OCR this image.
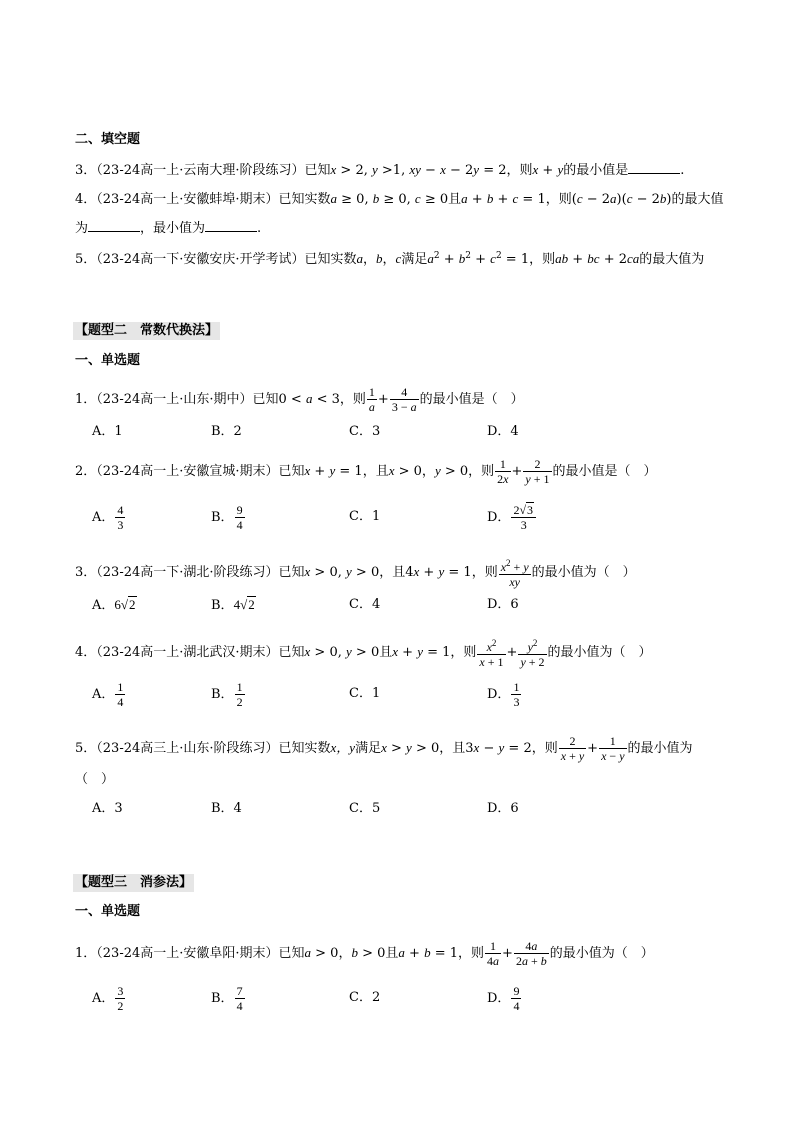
二、填空题
3．（23-24高一上·云南大理·阶段练习）已知x > 2, y >1, xy − x − 2y = 2，则x + y的最小值是	.
4．（23-24高一上·安徽蚌埠·期末）已知实数a ≥ 0, b ≥ 0, c ≥ 0且a + b + c = 1，则(c − 2a)(c − 2b)的最大值
为	，最小值为	.
5．（23-24高一下·安徽安庆·开学考试）已知实数a，b，c满足$a^2 + b^2 + c^2 = 1$，则ab + bc + 2ca的最大值为
【题型二　常数代换法】
一、单选题
1．（23-24高一上·山东·期中）已知0 < a < 3，则 $\frac{1}{a} + \frac{4}{3 - a}$ 的最小值是（　）
A．1	B．2	C．3	D．4
2．（23-24高一上·安徽宣城·期末）已知x + y = 1，且x > 0，y > 0，则 $\frac{1}{2x} + \frac{2}{y + 1}$ 的最小值是（　）
A． $\frac{4}{3}$	B． $\frac{9}{4}$	C．1	D． $\frac{2√3}{3}$
3．（23-24高一下·湖北·阶段练习）已知x > 0, y > 0，且4x + y = 1，则 $\frac{x^2 + y}{xy}$ 的最小值为（　）
A．6√2	B．4√2	C．4	D．6
4．（23-24高一上·湖北武汉·期末）已知x > 0, y > 0且x + y = 1，则 $\frac{x^2}{x + 1} + \frac{y^2}{y + 2}$ 的最小值为（　）
A． $\frac{1}{4}$	B． $\frac{1}{2}$	C．1	D． $\frac{1}{3}$
5．（23-24高三上·山东·阶段练习）已知实数x，y满足x > y > 0，且3x − y = 2，则 $\frac{2}{x + y} + \frac{1}{x - y}$ 的最小值为
（　）
A．3	B．4	C．5	D．6
【题型三　消参法】
一、单选题
1．（23-24高一上·安徽阜阳·期末）已知a > 0，b > 0且a + b = 1，则 $\frac{1}{4a} + \frac{4a}{2a + b}$ 的最小值为（　）
A． $\frac{3}{2}$	B． $\frac{7}{4}$	C．2	D． $\frac{9}{4}$
